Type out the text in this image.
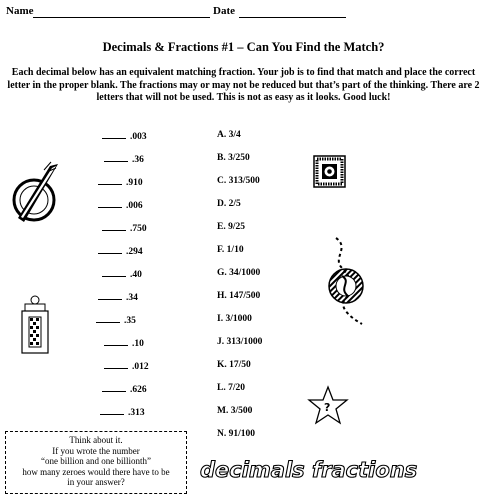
Name	Date
Decimals & Fractions #1 – Can You Find the Match?
Each decimal below has an equivalent matching fraction. Your job is to find that match and place the correct letter in the proper blank. The fractions may or may not be reduced but that’s part of the thinking. There are 2 letters that will not be used. This is not as easy as it looks. Good luck!
.003
.36
.910
.006
.750
.294
.40
.34
.35
.10
.012
.626
.313
A. 3/4
B. 3/250
C. 313/500
D. 2/5
E. 9/25
F. 1/10
G. 34/1000
H. 147/500
I. 3/1000
J. 313/1000
K. 17/50
L. 7/20
M. 3/500
N. 91/100
Think about it.
If you wrote the number
“one billion and one billionth”
how many zeroes would there have to be
in your answer?	decimals fractions
?
